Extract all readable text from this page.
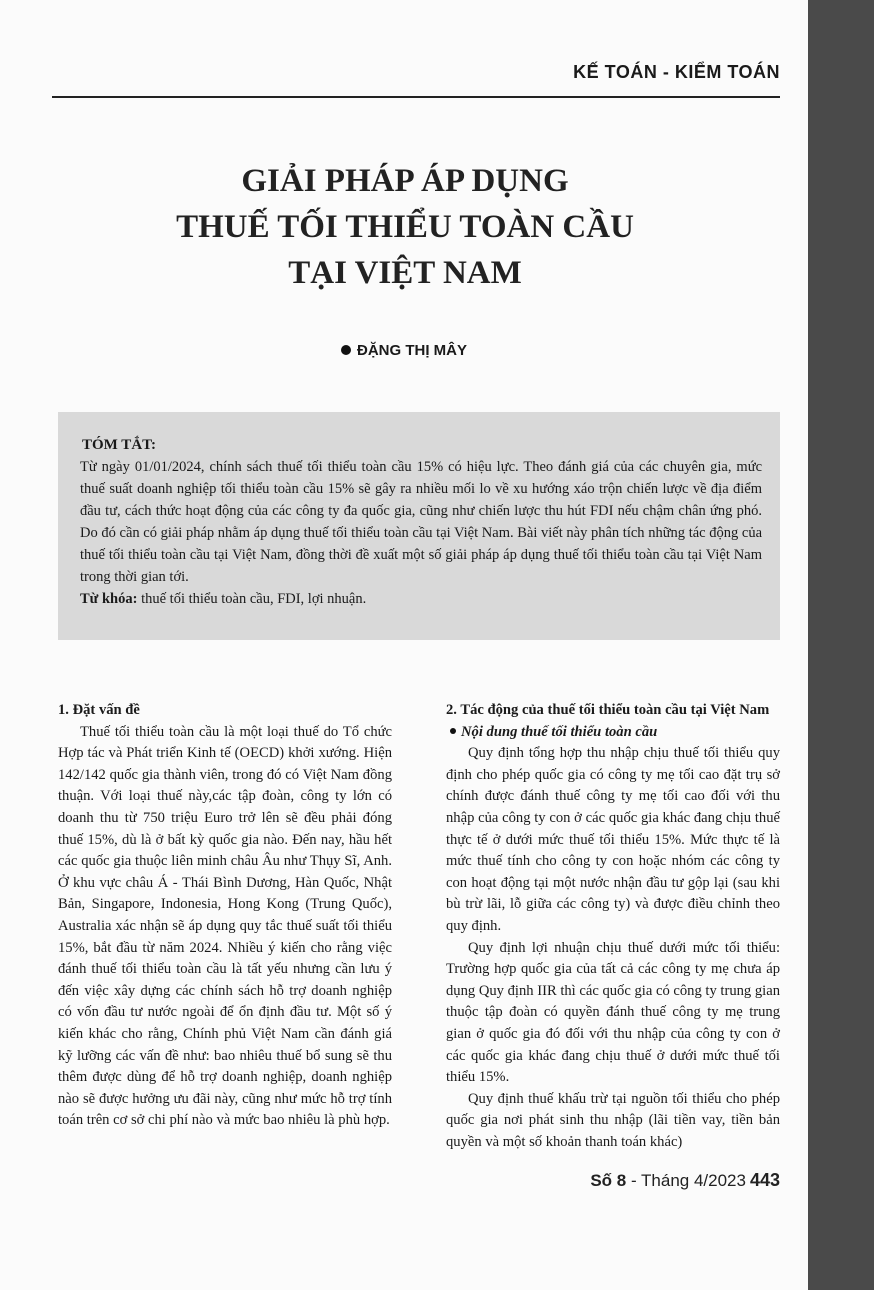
KẾ TOÁN - KIỂM TOÁN
GIẢI PHÁP ÁP DỤNG
THUẾ TỐI THIỂU TOÀN CẦU
TẠI VIỆT NAM
ĐẶNG THỊ MÂY
TÓM TẮT:

Từ ngày 01/01/2024, chính sách thuế tối thiểu toàn cầu 15% có hiệu lực. Theo đánh giá của các chuyên gia, mức thuế suất doanh nghiệp tối thiểu toàn cầu 15% sẽ gây ra nhiều mối lo về xu hướng xáo trộn chiến lược về địa điểm đầu tư, cách thức hoạt động của các công ty đa quốc gia, cũng như chiến lược thu hút FDI nếu chậm chân ứng phó. Do đó cần có giải pháp nhằm áp dụng thuế tối thiểu toàn cầu tại Việt Nam. Bài viết này phân tích những tác động của thuế tối thiểu toàn cầu tại Việt Nam, đồng thời đề xuất một số giải pháp áp dụng thuế tối thiểu toàn cầu tại Việt Nam trong thời gian tới.

Từ khóa: thuế tối thiểu toàn cầu, FDI, lợi nhuận.

1. Đặt vấn đề

Thuế tối thiểu toàn cầu là một loại thuế do Tổ chức Hợp tác và Phát triển Kinh tế (OECD) khởi xướng. Hiện 142/142 quốc gia thành viên, trong đó có Việt Nam đồng thuận. Với loại thuế này,các tập đoàn, công ty lớn có doanh thu từ 750 triệu Euro trở lên sẽ đều phải đóng thuế 15%, dù là ở bất kỳ quốc gia nào. Đến nay, hầu hết các quốc gia thuộc liên minh châu Âu như Thụy Sĩ, Anh. Ở khu vực châu Á - Thái Bình Dương, Hàn Quốc, Nhật Bản, Singapore, Indonesia, Hong Kong (Trung Quốc), Australia xác nhận sẽ áp dụng quy tắc thuế suất tối thiểu 15%, bắt đầu từ năm 2024. Nhiều ý kiến cho rằng việc đánh thuế tối thiểu toàn cầu là tất yếu nhưng cần lưu ý đến việc xây dựng các chính sách hỗ trợ doanh nghiệp có vốn đầu tư nước ngoài để ổn định đầu tư. Một số ý kiến khác cho rằng, Chính phủ Việt Nam cần đánh giá kỹ lưỡng các vấn đề như: bao nhiêu thuế bổ sung sẽ thu thêm được dùng để hỗ trợ doanh nghiệp, doanh nghiệp nào sẽ được hưởng ưu đãi này, cũng như mức hỗ trợ tính toán trên cơ sở chi phí nào và mức bao nhiêu là phù hợp.

2. Tác động của thuế tối thiểu toàn cầu tại Việt Nam
Nội dung thuế tối thiểu toàn cầu

Quy định tổng hợp thu nhập chịu thuế tối thiểu quy định cho phép quốc gia có công ty mẹ tối cao đặt trụ sở chính được đánh thuế công ty mẹ tối cao đối với thu nhập của công ty con ở các quốc gia khác đang chịu thuế thực tế ở dưới mức thuế tối thiểu 15%. Mức thực tế là mức thuế tính cho công ty con hoặc nhóm các công ty con hoạt động tại một nước nhận đầu tư gộp lại (sau khi bù trừ lãi, lỗ giữa các công ty) và được điều chỉnh theo quy định.

Quy định lợi nhuận chịu thuế dưới mức tối thiểu: Trường hợp quốc gia của tất cả các công ty mẹ chưa áp dụng Quy định IIR thì các quốc gia có công ty trung gian thuộc tập đoàn có quyền đánh thuế công ty mẹ trung gian ở quốc gia đó đối với thu nhập của công ty con ở các quốc gia khác đang chịu thuế ở dưới mức thuế tối thiểu 15%.

Quy định thuế khấu trừ tại nguồn tối thiểu cho phép quốc gia nơi phát sinh thu nhập (lãi tiền vay, tiền bản quyền và một số khoản thanh toán khác)

Số 8 - Tháng 4/2023 443
